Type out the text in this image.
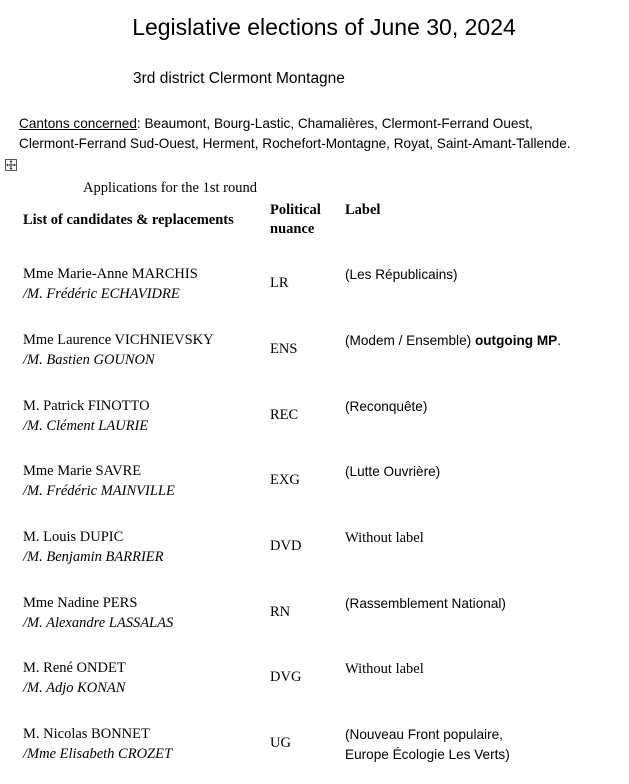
Legislative elections of June 30, 2024
3rd district Clermont Montagne
Cantons concerned: Beaumont, Bourg-Lastic, Chamalières, Clermont-Ferrand Ouest,
Clermont-Ferrand Sud-Ouest, Herment, Rochefort-Montagne, Royat, Saint-Amant-Tallende.
Applications for the 1st round
List of candidates & replacements
Political
nuance
Label
Mme Marie-Anne MARCHIS
/M. Frédéric ECHAVIDRE
LR
(Les Républicains)
Mme Laurence VICHNIEVSKY
/M. Bastien GOUNON
ENS
(Modem / Ensemble) outgoing MP.
M. Patrick FINOTTO
/M. Clément LAURIE
REC
(Reconquête)
Mme Marie SAVRE
/M. Frédéric MAINVILLE
EXG
(Lutte Ouvrière)
M. Louis DUPIC
/M. Benjamin BARRIER
DVD	Without label
Mme Nadine PERS
/M. Alexandre LASSALAS
RN
(Rassemblement National)
M. René ONDET
/M. Adjo KONAN
DVG	Without label
M. Nicolas BONNET
/Mme Elisabeth CROZET
UG
(Nouveau Front populaire,
Europe Écologie Les Verts)
